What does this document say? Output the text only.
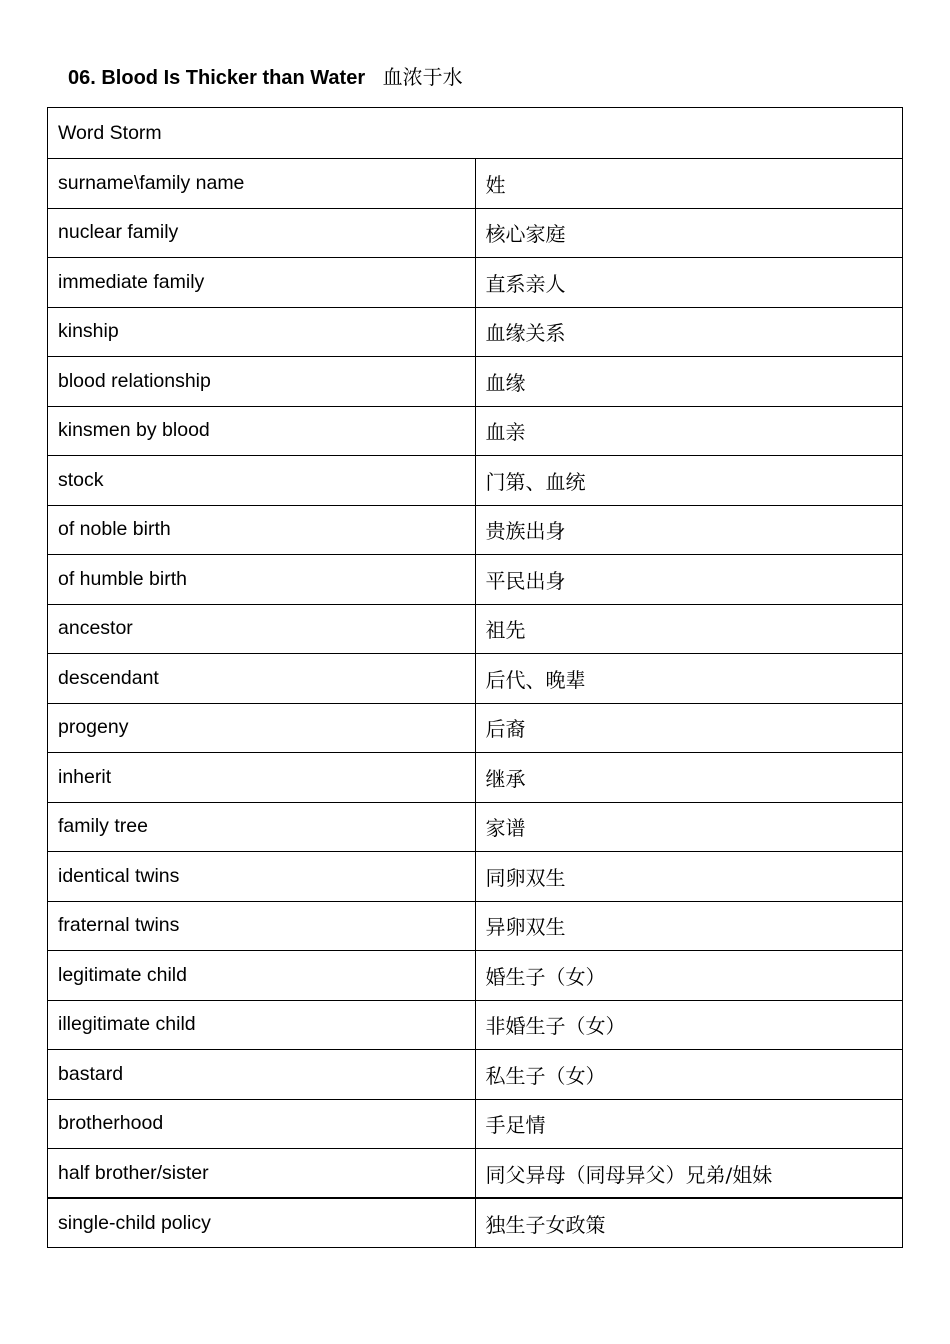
06. Blood Is Thicker than Water 血浓于水
Word Storm	
surname\family name	姓
nuclear family	核心家庭
immediate family	直系亲人
kinship	血缘关系
blood relationship	血缘
kinsmen by blood	血亲
stock	门第、血统
of noble birth	贵族出身
of humble birth	平民出身
ancestor	祖先
descendant	后代、晚辈
progeny	后裔
inherit	继承
family tree	家谱
identical twins	同卵双生
fraternal twins	异卵双生
legitimate child	婚生子（女）
illegitimate child	非婚生子（女）
bastard	私生子（女）
brotherhood	手足情
half brother/sister	同父异母（同母异父）兄弟/姐妹
single-child policy	独生子女政策
